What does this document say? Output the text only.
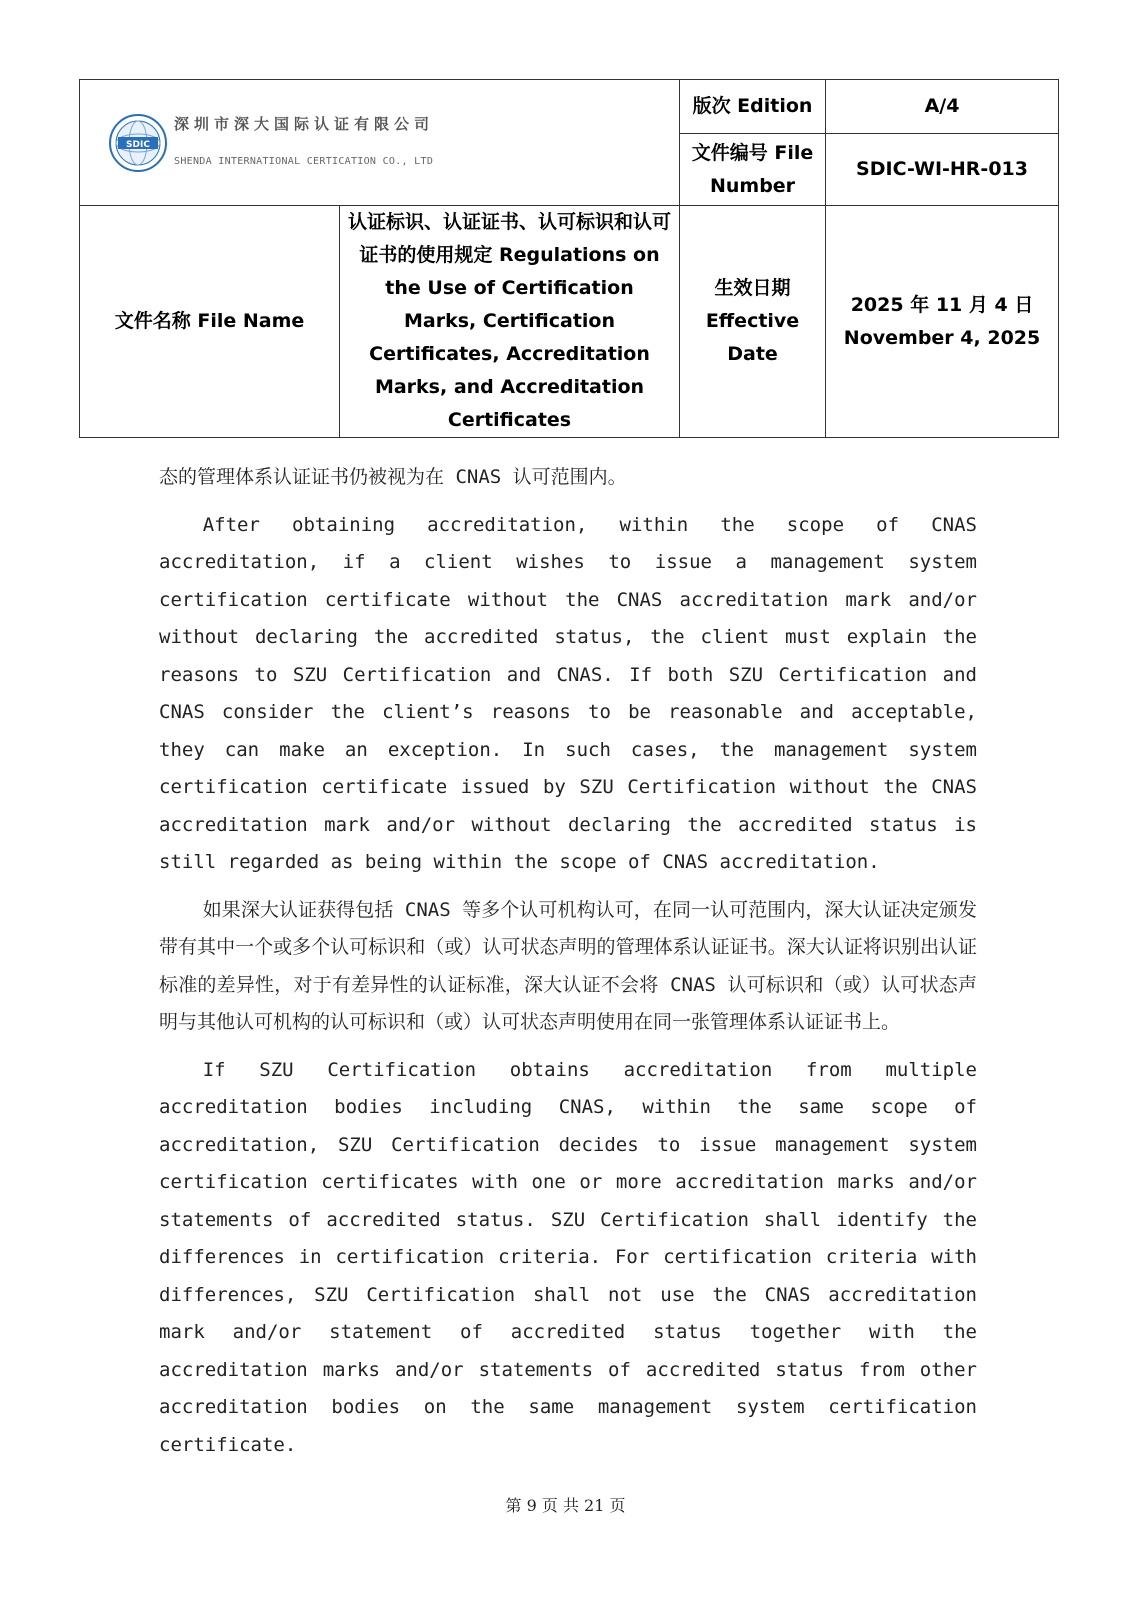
SDIC
深圳市深大国际认证有限公司
SHENDA INTERNATIONAL CERTICATION CO., LTD		版次 Edition	A/4
		文件编号 File Number	SDIC-WI-HR-013
文件名称 File Name	认证标识、认证证书、认可标识和认可证书的使用规定 Regulations on the Use of Certification Marks, Certification Certificates, Accreditation Marks, and Accreditation Certificates	生效日期 Effective Date	2025 年 11 月 4 日
November 4, 2025

态的管理体系认证证书仍被视为在 CNAS 认可范围内。

After obtaining accreditation, within the scope of CNAS accreditation, if a client wishes to issue a management system certification certificate without the CNAS accreditation mark and/or without declaring the accredited status, the client must explain the reasons to SZU Certification and CNAS. If both SZU Certification and CNAS consider the client’s reasons to be reasonable and acceptable, they can make an exception. In such cases, the management system certification certificate issued by SZU Certification without the CNAS accreditation mark and/or without declaring the accredited status is still regarded as being within the scope of CNAS accreditation.

如果深大认证获得包括 CNAS 等多个认可机构认可，在同一认可范围内，深大认证决定颁发带有其中一个或多个认可标识和（或）认可状态声明的管理体系认证证书。深大认证将识别出认证标准的差异性，对于有差异性的认证标准，深大认证不会将 CNAS 认可标识和（或）认可状态声明与其他认可机构的认可标识和（或）认可状态声明使用在同一张管理体系认证证书上。

If SZU Certification obtains accreditation from multiple accreditation bodies including CNAS, within the same scope of accreditation, SZU Certification decides to issue management system certification certificates with one or more accreditation marks and/or statements of accredited status. SZU Certification shall identify the differences in certification criteria. For certification criteria with differences, SZU Certification shall not use the CNAS accreditation mark and/or statement of accredited status together with the accreditation marks and/or statements of accredited status from other accreditation bodies on the same management system certification certificate.

第 9 页 共 21 页
